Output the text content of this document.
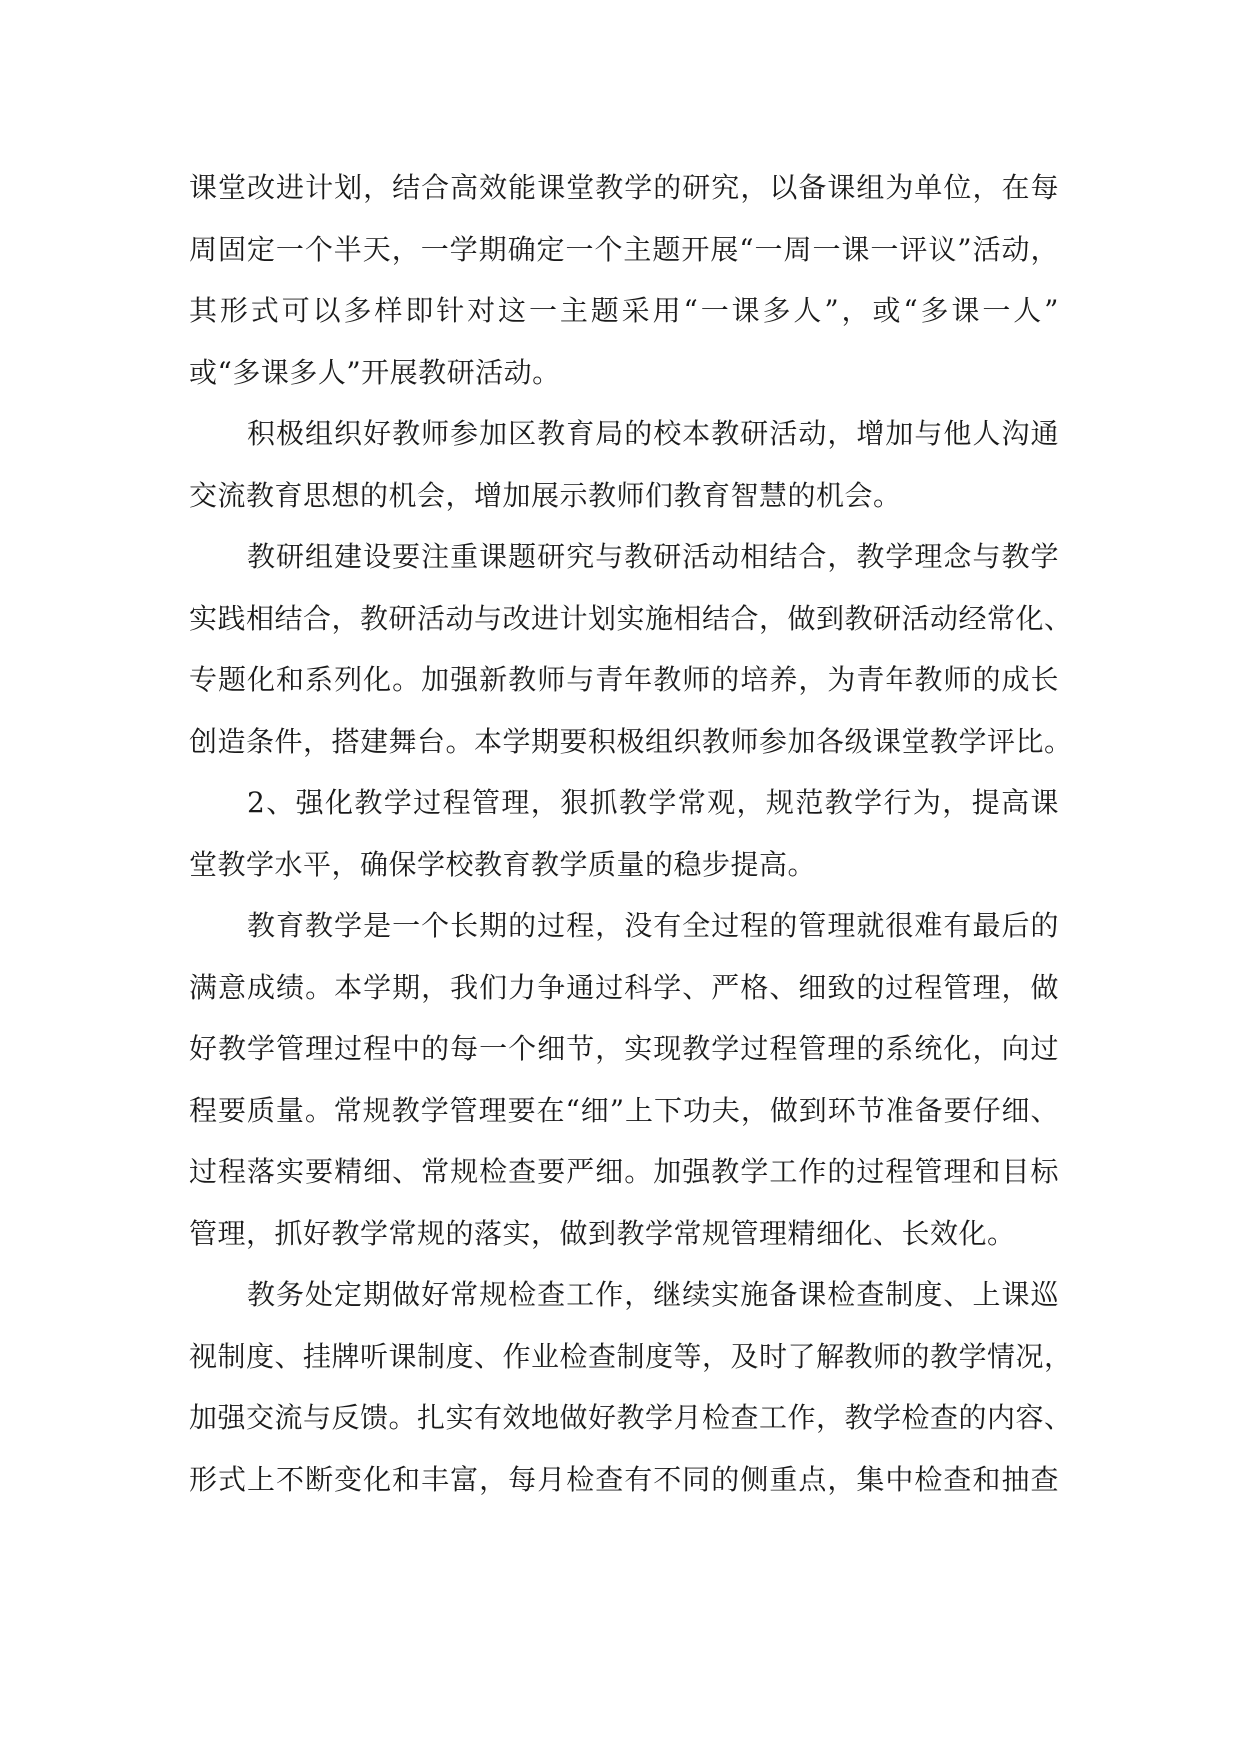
课堂改进计划，结合高效能课堂教学的研究，以备课组为单位，在每
周固定一个半天，一学期确定一个主题开展“一周一课一评议”活动，
其形式可以多样即针对这一主题采用“一课多人”，或“多课一人”
或“多课多人”开展教研活动。
积极组织好教师参加区教育局的校本教研活动，增加与他人沟通
交流教育思想的机会，增加展示教师们教育智慧的机会。
教研组建设要注重课题研究与教研活动相结合，教学理念与教学
实践相结合，教研活动与改进计划实施相结合，做到教研活动经常化、
专题化和系列化。加强新教师与青年教师的培养，为青年教师的成长
创造条件，搭建舞台。本学期要积极组织教师参加各级课堂教学评比。
2、强化教学过程管理，狠抓教学常观，规范教学行为，提高课
堂教学水平，确保学校教育教学质量的稳步提高。
教育教学是一个长期的过程，没有全过程的管理就很难有最后的
满意成绩。本学期，我们力争通过科学、严格、细致的过程管理，做
好教学管理过程中的每一个细节，实现教学过程管理的系统化，向过
程要质量。常规教学管理要在“细”上下功夫，做到环节准备要仔细、
过程落实要精细、常规检查要严细。加强教学工作的过程管理和目标
管理，抓好教学常规的落实，做到教学常规管理精细化、长效化。
教务处定期做好常规检查工作，继续实施备课检查制度、上课巡
视制度、挂牌听课制度、作业检查制度等，及时了解教师的教学情况，
加强交流与反馈。扎实有效地做好教学月检查工作，教学检查的内容、
形式上不断变化和丰富，每月检查有不同的侧重点，集中检查和抽查
